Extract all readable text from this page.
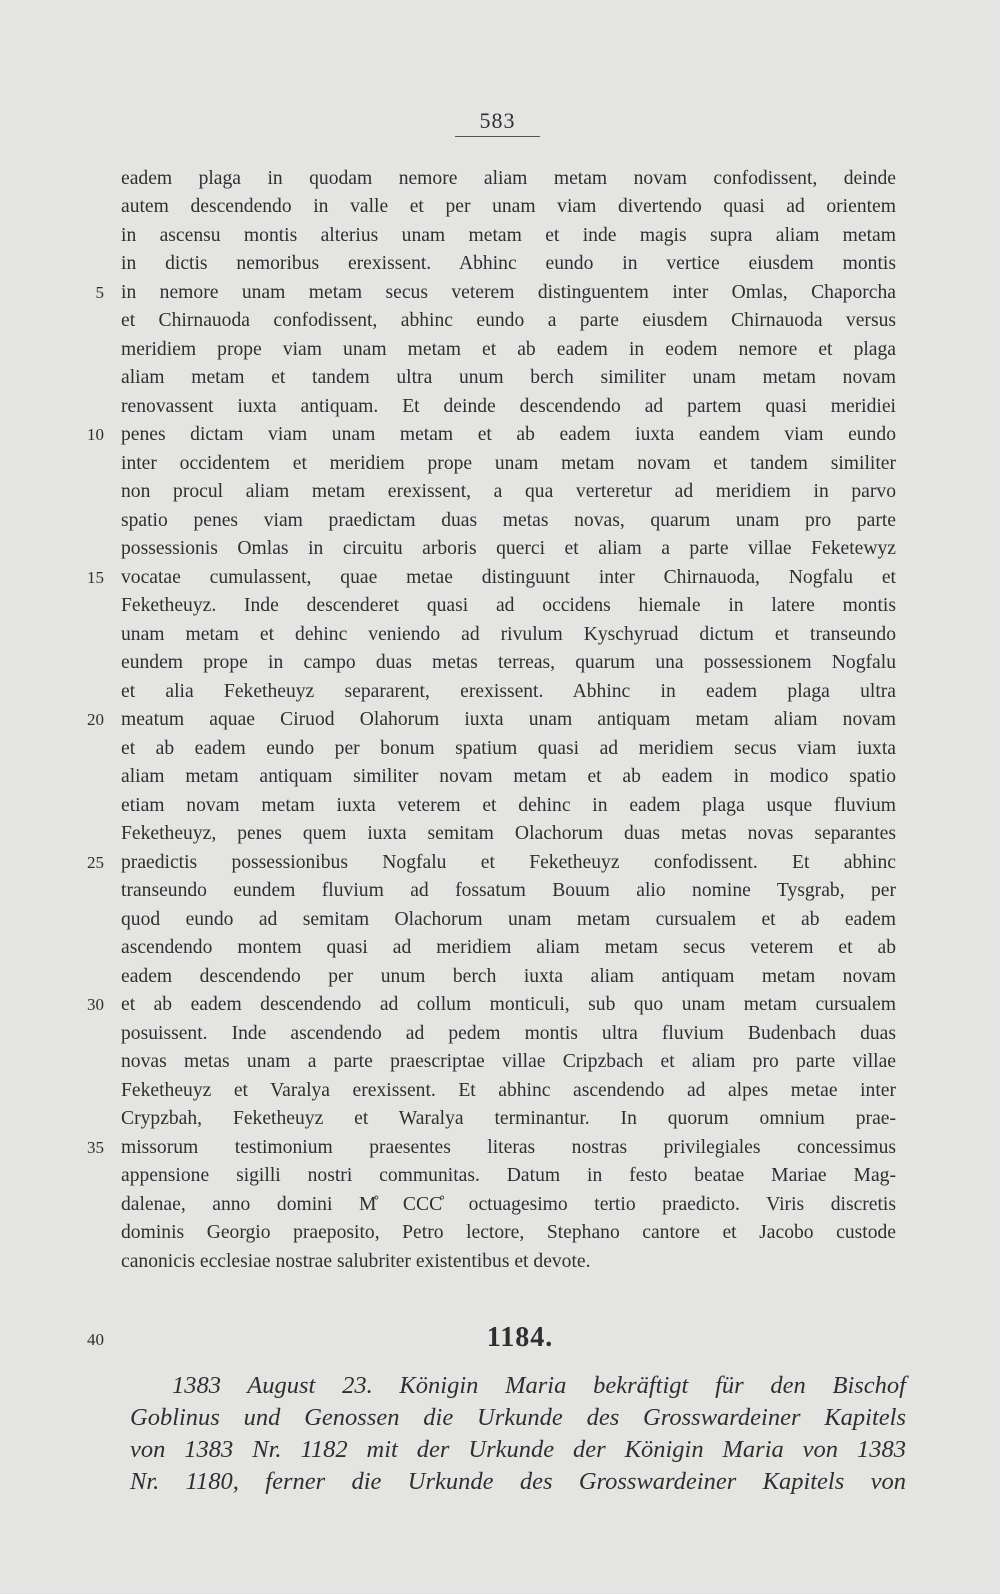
583
eadem plaga in quodam nemore aliam metam novam confodissent, deinde
autem descendendo in valle et per unam viam divertendo quasi ad orientem
in ascensu montis alterius unam metam et inde magis supra aliam metam
in dictis nemoribus erexissent. Abhinc eundo in vertice eiusdem montis
in nemore unam metam secus veterem distinguentem inter Omlas, Chaporcha
et Chirnauoda confodissent, abhinc eundo a parte eiusdem Chirnauoda versus
meridiem prope viam unam metam et ab eadem in eodem nemore et plaga
aliam metam et tandem ultra unum berch similiter unam metam novam
renovassent iuxta antiquam. Et deinde descendendo ad partem quasi meridiei
penes dictam viam unam metam et ab eadem iuxta eandem viam eundo
inter occidentem et meridiem prope unam metam novam et tandem similiter
non procul aliam metam erexissent, a qua verteretur ad meridiem in parvo
spatio penes viam praedictam duas metas novas, quarum unam pro parte
possessionis Omlas in circuitu arboris querci et aliam a parte villae Feketewyz
vocatae cumulassent, quae metae distinguunt inter Chirnauoda, Nogfalu et
Feketheuyz. Inde descenderet quasi ad occidens hiemale in latere montis
unam metam et dehinc veniendo ad rivulum Kyschyruad dictum et transeundo
eundem prope in campo duas metas terreas, quarum una possessionem Nogfalu
et alia Feketheuyz separarent, erexissent. Abhinc in eadem plaga ultra
meatum aquae Ciruod Olahorum iuxta unam antiquam metam aliam novam
et ab eadem eundo per bonum spatium quasi ad meridiem secus viam iuxta
aliam metam antiquam similiter novam metam et ab eadem in modico spatio
etiam novam metam iuxta veterem et dehinc in eadem plaga usque fluvium
Feketheuyz, penes quem iuxta semitam Olachorum duas metas novas separantes
praedictis possessionibus Nogfalu et Feketheuyz confodissent. Et abhinc
transeundo eundem fluvium ad fossatum Bouum alio nomine Tysgrab, per
quod eundo ad semitam Olachorum unam metam cursualem et ab eadem
ascendendo montem quasi ad meridiem aliam metam secus veterem et ab
eadem descendendo per unum berch iuxta aliam antiquam metam novam
et ab eadem descendendo ad collum monticuli, sub quo unam metam cursualem
posuissent. Inde ascendendo ad pedem montis ultra fluvium Budenbach duas
novas metas unam a parte praescriptae villae Cripzbach et aliam pro parte villae
Feketheuyz et Varalya erexissent. Et abhinc ascendendo ad alpes metae inter
Crypzbah, Feketheuyz et Waralya terminantur. In quorum omnium prae-
missorum testimonium praesentes literas nostras privilegiales concessimus
appensione sigilli nostri communitas. Datum in festo beatae Mariae Mag-
dalenae, anno domini M̊ CCC̊ octuagesimo tertio praedicto. Viris discretis
dominis Georgio praeposito, Petro lectore, Stephano cantore et Jacobo custode
canonicis ecclesiae nostrae salubriter existentibus et devote.
5
10
15
20
25
30
35
40	1184.
1383 August 23. Königin Maria bekräftigt für den Bischof
Goblinus und Genossen die Urkunde des Grosswardeiner Kapitels
von 1383 Nr. 1182 mit der Urkunde der Königin Maria von 1383
Nr. 1180, ferner die Urkunde des Grosswardeiner Kapitels von
